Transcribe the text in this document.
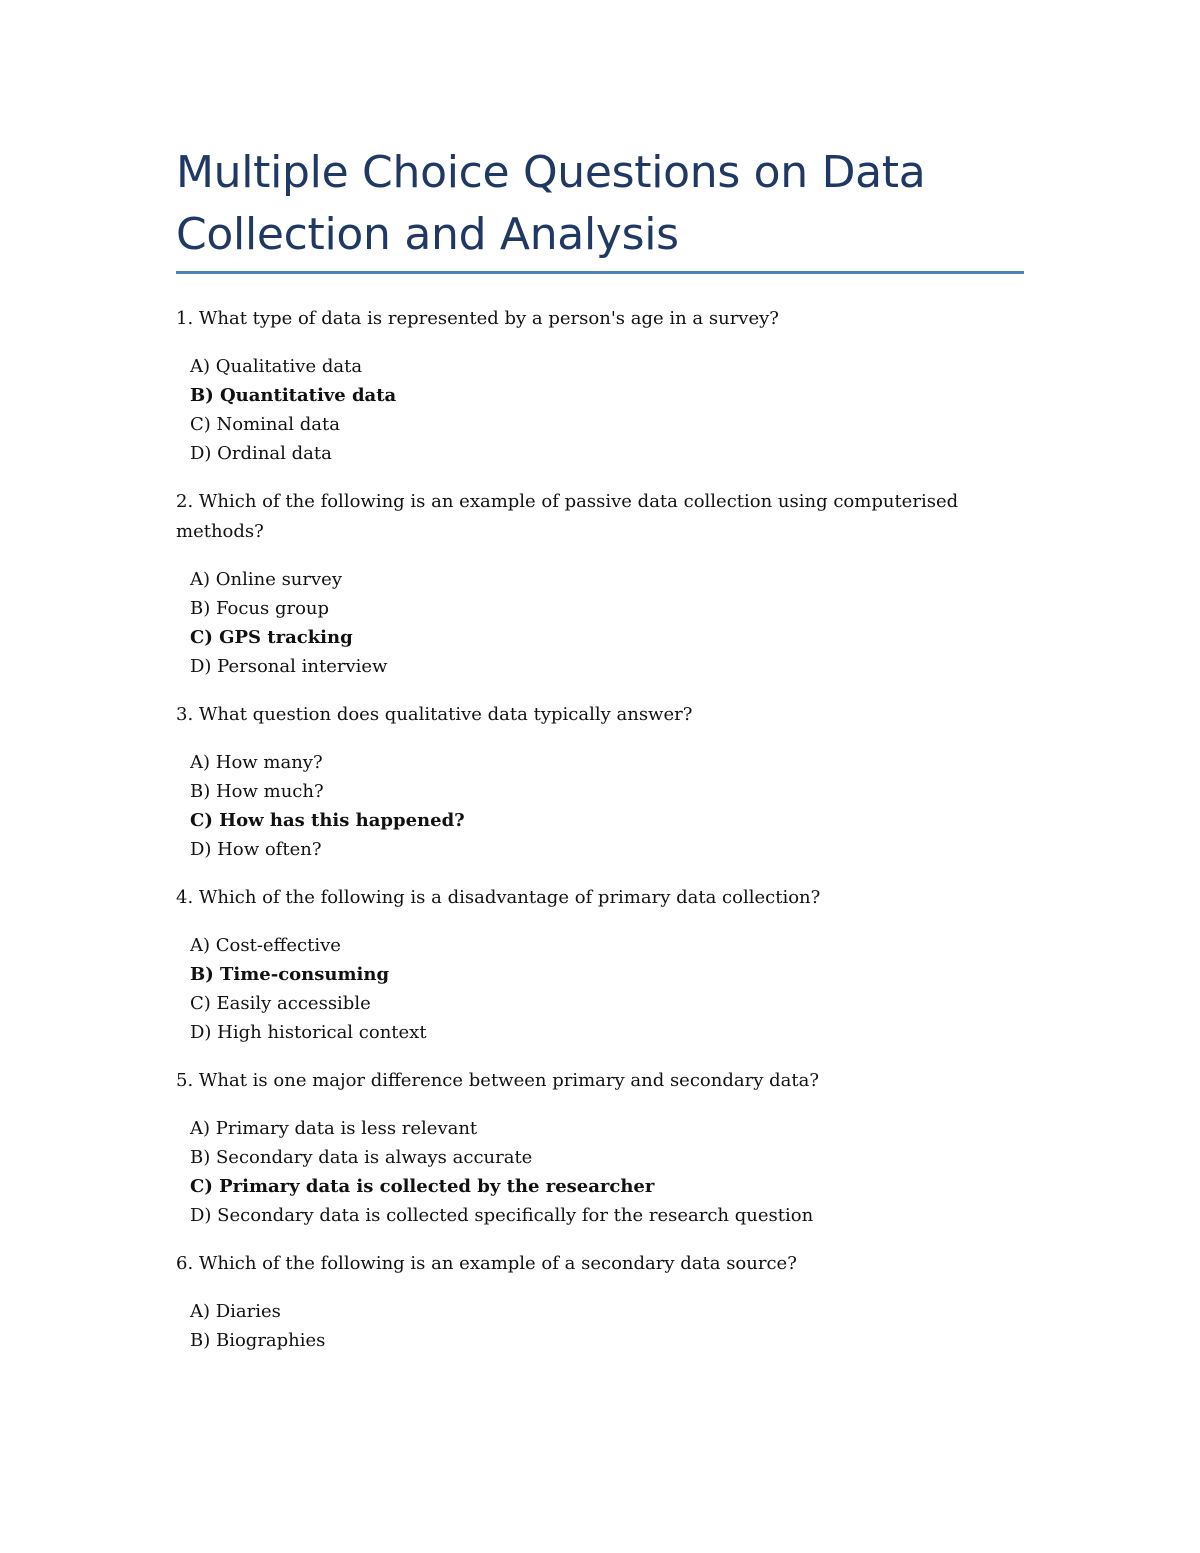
Multiple Choice Questions on Data Collection and Analysis

1. What type of data is represented by a person's age in a survey?

A) Qualitative data
B) Quantitative data
C) Nominal data
D) Ordinal data

2. Which of the following is an example of passive data collection using computerised methods?

A) Online survey
B) Focus group
C) GPS tracking
D) Personal interview

3. What question does qualitative data typically answer?

A) How many?
B) How much?
C) How has this happened?
D) How often?

4. Which of the following is a disadvantage of primary data collection?

A) Cost-effective
B) Time-consuming
C) Easily accessible
D) High historical context

5. What is one major difference between primary and secondary data?

A) Primary data is less relevant
B) Secondary data is always accurate
C) Primary data is collected by the researcher
D) Secondary data is collected specifically for the research question

6. Which of the following is an example of a secondary data source?

A) Diaries
B) Biographies
